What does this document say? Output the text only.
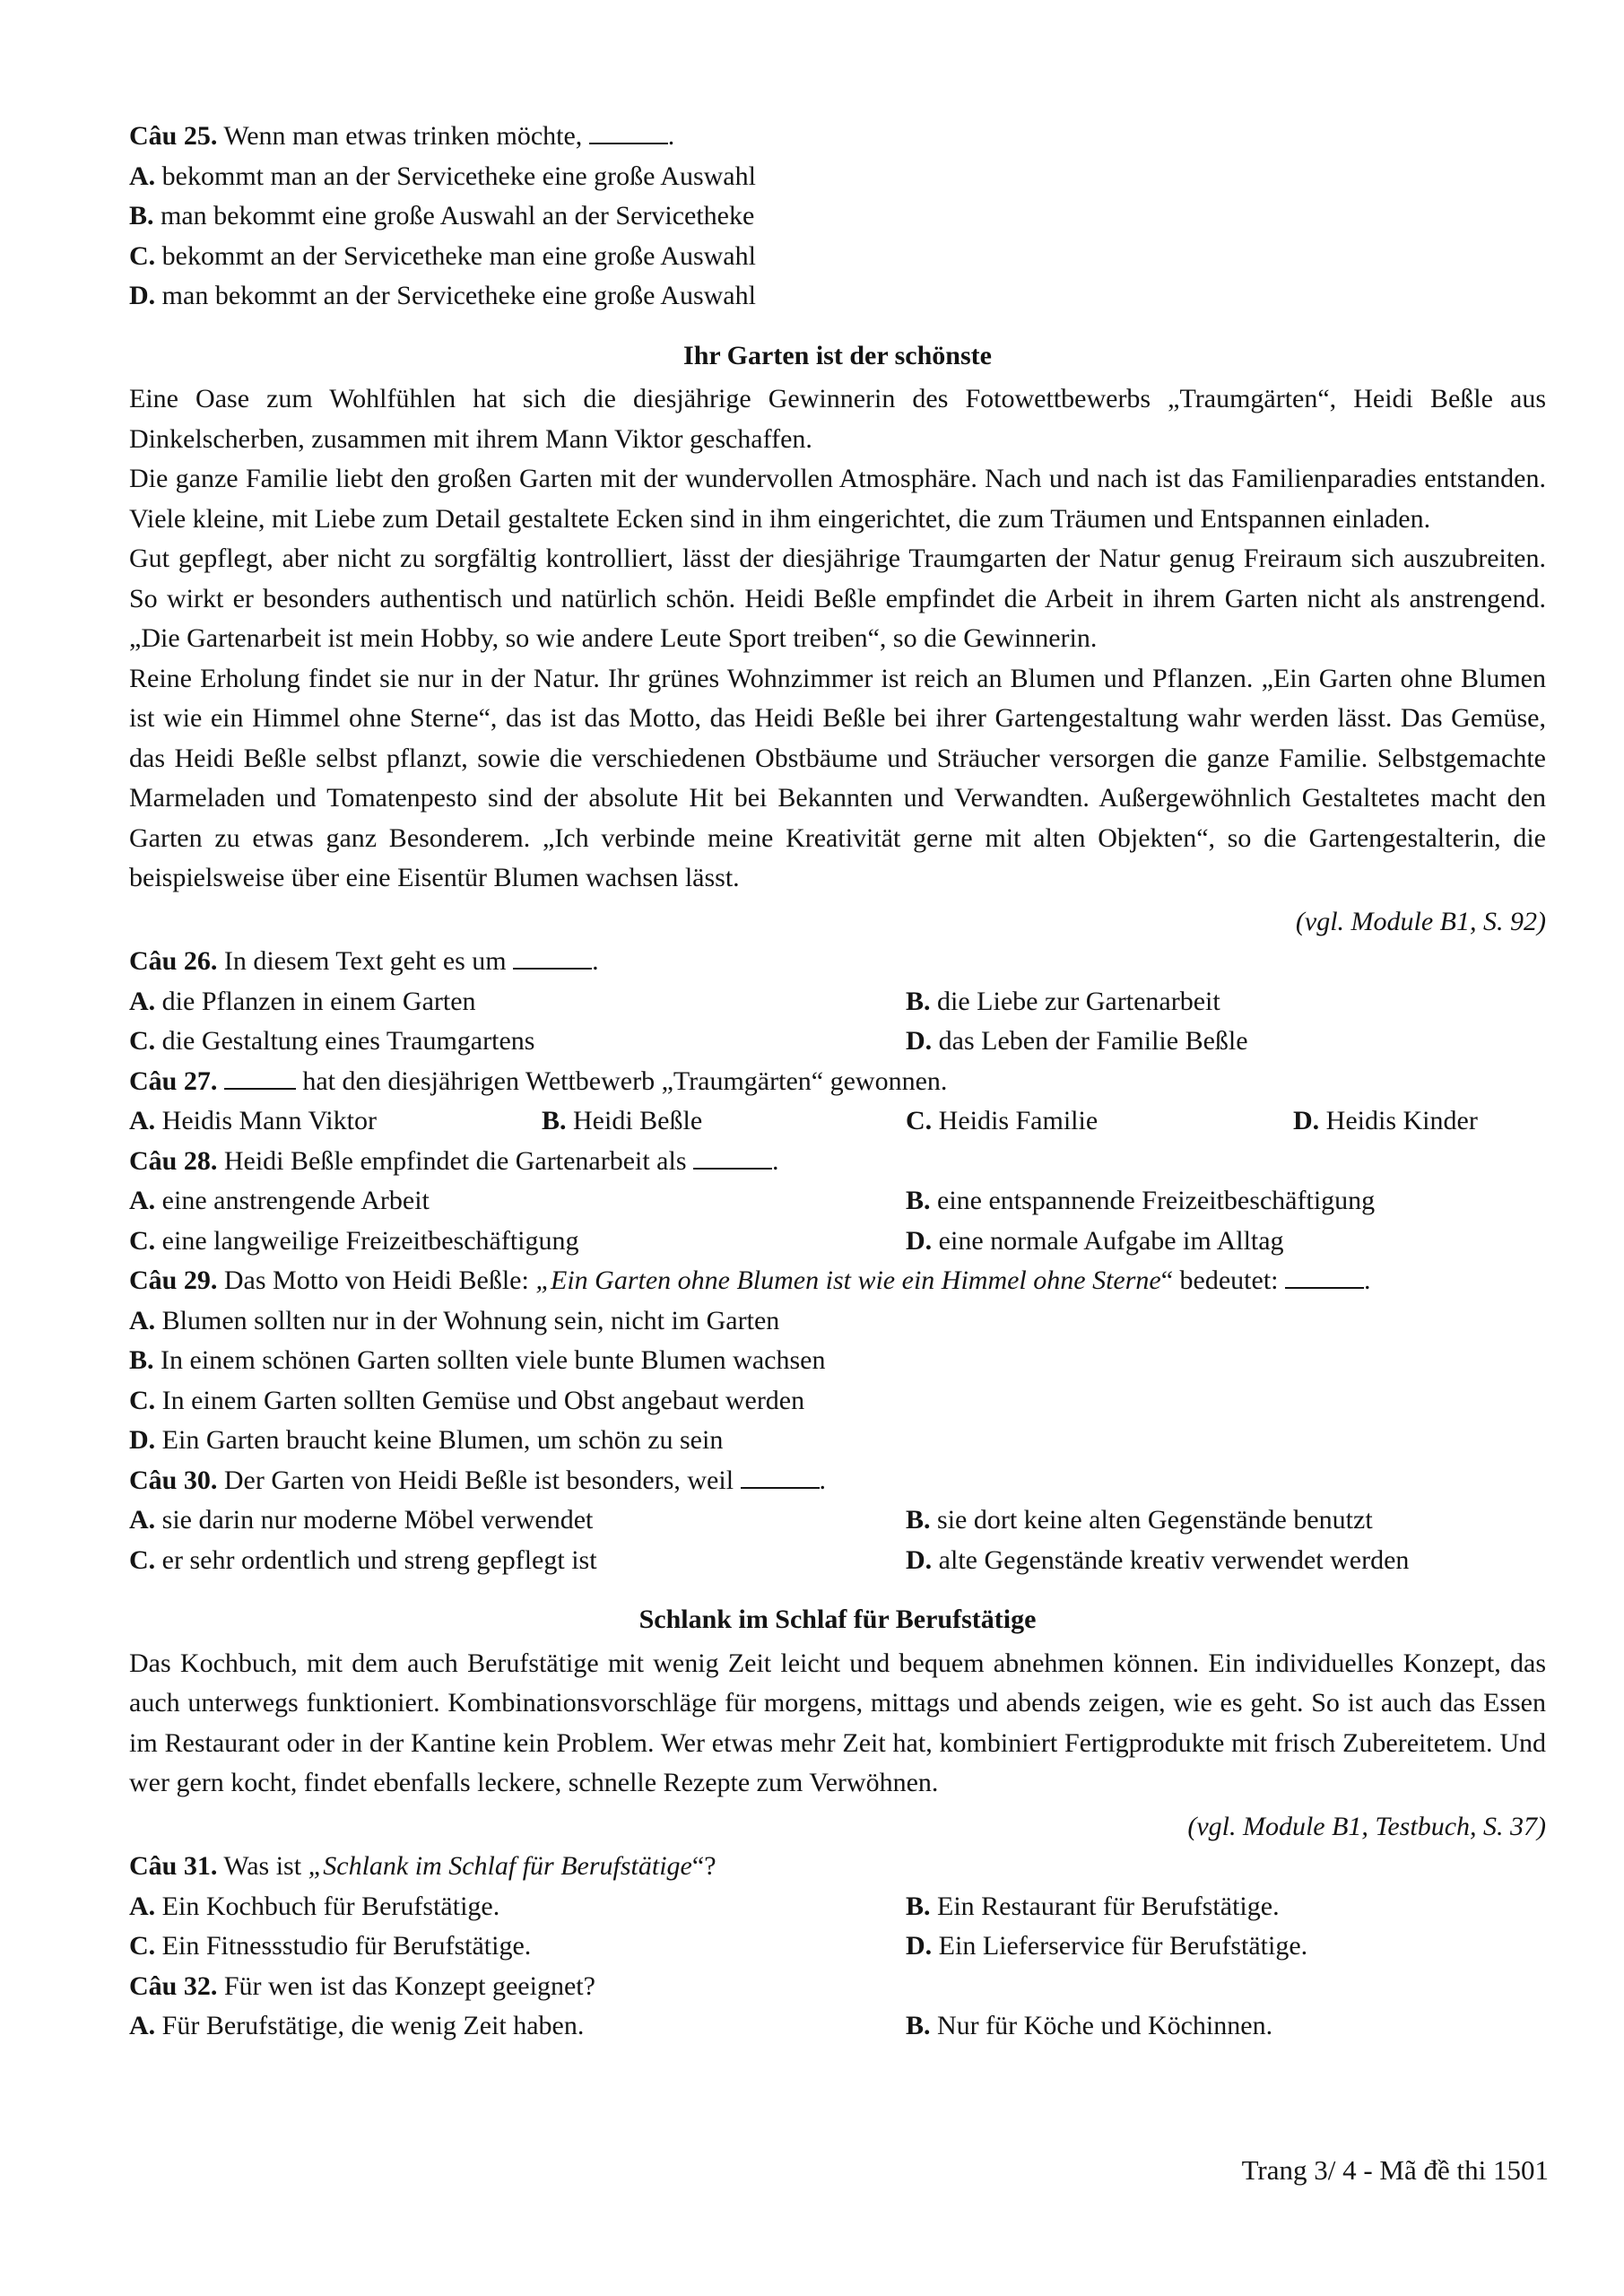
Câu 25. Wenn man etwas trinken möchte,	.
A. bekommt man an der Servicetheke eine große Auswahl
B. man bekommt eine große Auswahl an der Servicetheke
C. bekommt an der Servicetheke man eine große Auswahl
D. man bekommt an der Servicetheke eine große Auswahl
Ihr Garten ist der schönste

Eine Oase zum Wohlfühlen hat sich die diesjährige Gewinnerin des Fotowettbewerbs „Traumgärten“, Heidi Beßle aus Dinkelscherben, zusammen mit ihrem Mann Viktor geschaffen.

Die ganze Familie liebt den großen Garten mit der wundervollen Atmosphäre. Nach und nach ist das Familienparadies entstanden. Viele kleine, mit Liebe zum Detail gestaltete Ecken sind in ihm eingerichtet, die zum Träumen und Entspannen einladen.

Gut gepflegt, aber nicht zu sorgfältig kontrolliert, lässt der diesjährige Traumgarten der Natur genug Freiraum sich auszubreiten. So wirkt er besonders authentisch und natürlich schön. Heidi Beßle empfindet die Arbeit in ihrem Garten nicht als anstrengend. „Die Gartenarbeit ist mein Hobby, so wie andere Leute Sport treiben“, so die Gewinnerin.

Reine Erholung findet sie nur in der Natur. Ihr grünes Wohnzimmer ist reich an Blumen und Pflanzen. „Ein Garten ohne Blumen ist wie ein Himmel ohne Sterne“, das ist das Motto, das Heidi Beßle bei ihrer Gartengestaltung wahr werden lässt. Das Gemüse, das Heidi Beßle selbst pflanzt, sowie die verschiedenen Obstbäume und Sträucher versorgen die ganze Familie. Selbstgemachte Marmeladen und Tomatenpesto sind der absolute Hit bei Bekannten und Verwandten. Außergewöhnlich Gestaltetes macht den Garten zu etwas ganz Besonderem. „Ich verbinde meine Kreativität gerne mit alten Objekten“, so die Gartengestalterin, die beispielsweise über eine Eisentür Blumen wachsen lässt.

(vgl. Module B1, S. 92)
Câu 26. In diesem Text geht es um	.
A. die Pflanzen in einem Garten	B. die Liebe zur Gartenarbeit
C. die Gestaltung eines Traumgartens	D. das Leben der Familie Beßle
Câu 27.	hat den diesjährigen Wettbewerb „Traumgärten“ gewonnen.
A. Heidis Mann Viktor	B. Heidi Beßle	C. Heidis Familie	D. Heidis Kinder
Câu 28. Heidi Beßle empfindet die Gartenarbeit als	.
A. eine anstrengende Arbeit	B. eine entspannende Freizeitbeschäftigung
C. eine langweilige Freizeitbeschäftigung	D. eine normale Aufgabe im Alltag
Câu 29. Das Motto von Heidi Beßle: „Ein Garten ohne Blumen ist wie ein Himmel ohne Sterne“ bedeutet:	.
A. Blumen sollten nur in der Wohnung sein, nicht im Garten
B. In einem schönen Garten sollten viele bunte Blumen wachsen
C. In einem Garten sollten Gemüse und Obst angebaut werden
D. Ein Garten braucht keine Blumen, um schön zu sein
Câu 30. Der Garten von Heidi Beßle ist besonders, weil	.
A. sie darin nur moderne Möbel verwendet	B. sie dort keine alten Gegenstände benutzt
C. er sehr ordentlich und streng gepflegt ist	D. alte Gegenstände kreativ verwendet werden
Schlank im Schlaf für Berufstätige

Das Kochbuch, mit dem auch Berufstätige mit wenig Zeit leicht und bequem abnehmen können. Ein individuelles Konzept, das auch unterwegs funktioniert. Kombinationsvorschläge für morgens, mittags und abends zeigen, wie es geht. So ist auch das Essen im Restaurant oder in der Kantine kein Problem. Wer etwas mehr Zeit hat, kombiniert Fertigprodukte mit frisch Zubereitetem. Und wer gern kocht, findet ebenfalls leckere, schnelle Rezepte zum Verwöhnen.

(vgl. Module B1, Testbuch, S. 37)
Câu 31. Was ist „Schlank im Schlaf für Berufstätige“?
A. Ein Kochbuch für Berufstätige.	B. Ein Restaurant für Berufstätige.
C. Ein Fitnessstudio für Berufstätige.	D. Ein Lieferservice für Berufstätige.
Câu 32. Für wen ist das Konzept geeignet?
A. Für Berufstätige, die wenig Zeit haben.	B. Nur für Köche und Köchinnen.
Trang 3/ 4 - Mã đề thi 1501
